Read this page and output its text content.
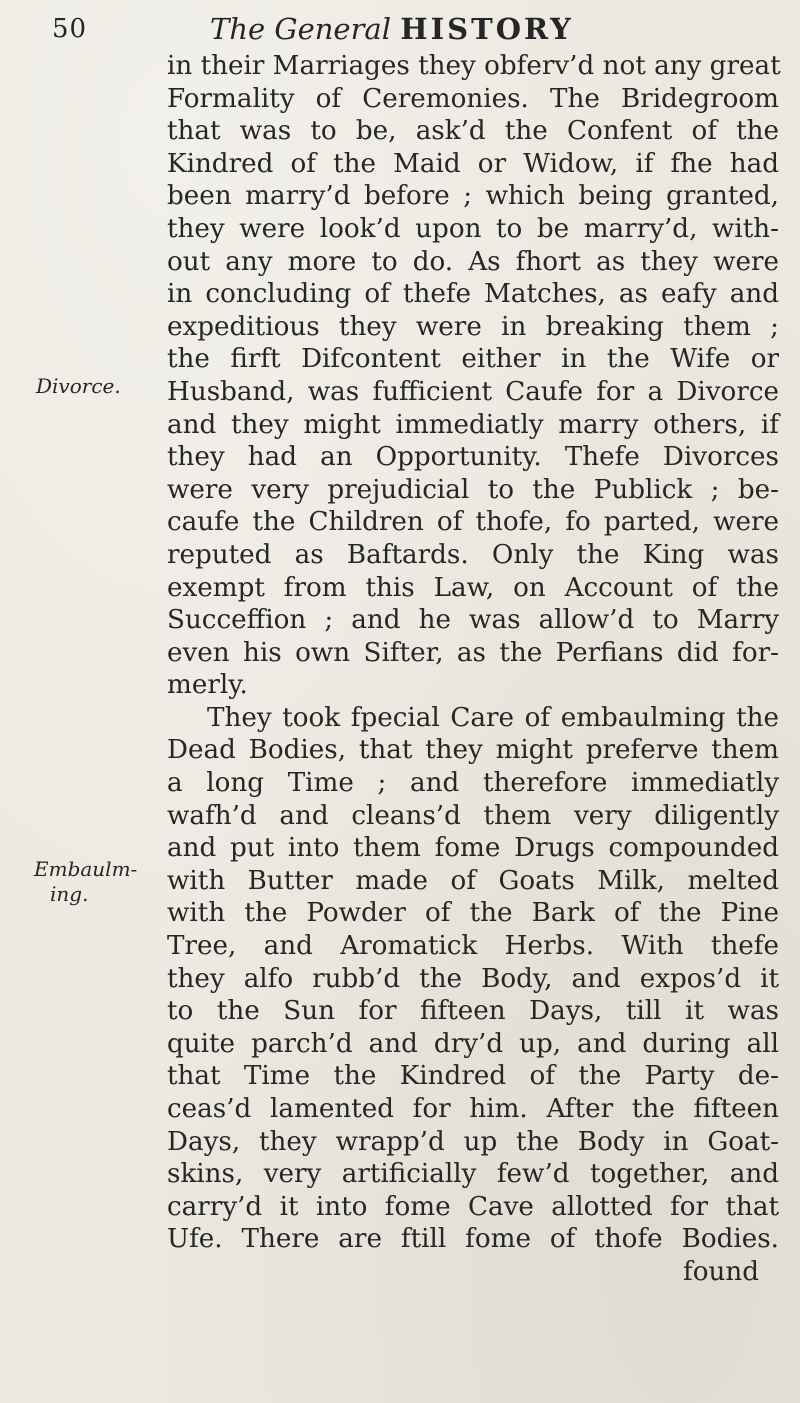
50	The General HISTORY
Divorce.
Embaulm-
ing.
in their Marriages they obferv’d not any great
Formality of Ceremonies. The Bridegroom
that was to be, ask’d the Confent of the
Kindred of the Maid or Widow, if fhe had
been marry’d before ; which being granted,
they were look’d upon to be marry’d, with-
out any more to do. As fhort as they were
in concluding of thefe Matches, as eafy and
expeditious they were in breaking them ;
the firft Difcontent either in the Wife or
Husband, was fufficient Caufe for a Divorce
and they might immediatly marry others, if
they had an Opportunity. Thefe Divorces
were very prejudicial to the Publick ; be-
caufe the Children of thofe, fo parted, were
reputed as Baftards. Only the King was
exempt from this Law, on Account of the
Succeffion ; and he was allow’d to Marry
even his own Sifter, as the Perfians did for-
merly.
They took fpecial Care of embaulming the
Dead Bodies, that they might preferve them
a long Time ; and therefore immediatly
wafh’d and cleans’d them very diligently
and put into them fome Drugs compounded
with Butter made of Goats Milk, melted
with the Powder of the Bark of the Pine
Tree, and Aromatick Herbs. With thefe
they alfo rubb’d the Body, and expos’d it
to the Sun for fifteen Days, till it was
quite parch’d and dry’d up, and during all
that Time the Kindred of the Party de-
ceas’d lamented for him. After the fifteen
Days, they wrapp’d up the Body in Goat-
skins, very artificially few’d together, and
carry’d it into fome Cave allotted for that
Ufe. There are ftill fome of thofe Bodies.
found
